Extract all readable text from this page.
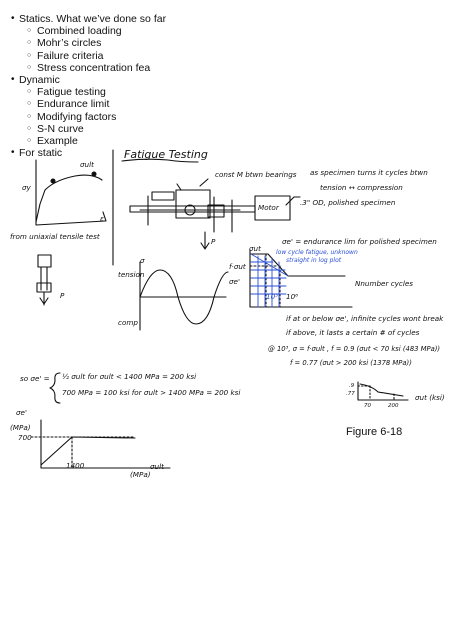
• Statics. What we’ve done so far
○ Combined loading
○ Mohr’s circles
○ Failure criteria
○ Stress concentration fea
• Dynamic
○ Fatigue testing
○ Endurance limit
○ Modifying factors
○ S-N curve
○ Example
• For static	Fatigue Testing
σult
σy
ε
from uniaxial tensile test
P
const M btwn bearings
Motor
P
as specimen turns it cycles btwn
tension ↔ compression
.3" OD, polished specimen
σ
tension
comp
σe' = endurance lim for polished specimen
low cycle fatigue, unknown
straight in log plot
σut
f·σut
σe'	Nnumber cycles
10³ 10⁶
if at or below σe', infinite cycles wont break
if above, it lasts a certain # of cycles
@ 10³, σ = f·σult , f = 0.9 (σut < 70 ksi (483 MPa))
f = 0.77 (σut > 200 ksi (1378 MPa))
σut (ksi)
70	200
.9
.77
Figure 6-18
so σe' = ½ σult for σult < 1400 MPa = 200 ksi
700 MPa = 100 ksi for σult > 1400 MPa = 200 ksi
σe'
(MPa)
700
1400	σult
(MPa)
